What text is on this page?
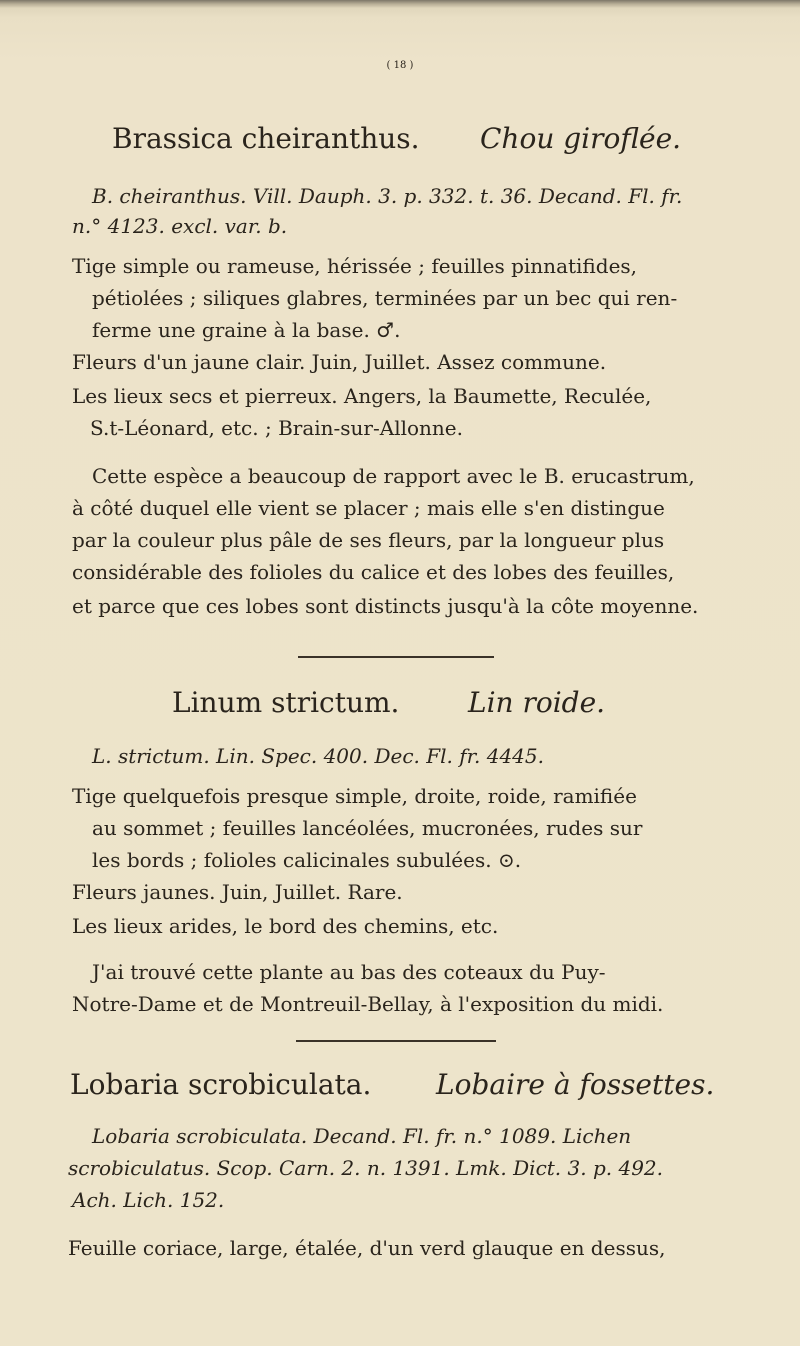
( 18 )
Brassica cheiranthus. Chou giroflée.
B. cheiranthus. Vill. Dauph. 3. p. 332. t. 36. Decand. Fl. fr.
n.° 4123. excl. var. b.
Tige simple ou rameuse, hérissée ; feuilles pinnatifides,
pétiolées ; siliques glabres, terminées par un bec qui ren-
ferme une graine à la base. ♂.
Fleurs d'un jaune clair. Juin, Juillet. Assez commune.
Les lieux secs et pierreux. Angers, la Baumette, Reculée,
S.t-Léonard, etc. ; Brain-sur-Allonne.
Cette espèce a beaucoup de rapport avec le B. erucastrum,
à côté duquel elle vient se placer ; mais elle s'en distingue
par la couleur plus pâle de ses fleurs, par la longueur plus
considérable des folioles du calice et des lobes des feuilles,
et parce que ces lobes sont distincts jusqu'à la côte moyenne.
Linum strictum. Lin roide.
L. strictum. Lin. Spec. 400. Dec. Fl. fr. 4445.
Tige quelquefois presque simple, droite, roide, ramifiée
au sommet ; feuilles lancéolées, mucronées, rudes sur
les bords ; folioles calicinales subulées. ⊙.
Fleurs jaunes. Juin, Juillet. Rare.
Les lieux arides, le bord des chemins, etc.
J'ai trouvé cette plante au bas des coteaux du Puy-
Notre-Dame et de Montreuil-Bellay, à l'exposition du midi.
Lobaria scrobiculata. Lobaire à fossettes.
Lobaria scrobiculata. Decand. Fl. fr. n.° 1089. Lichen
scrobiculatus. Scop. Carn. 2. n. 1391. Lmk. Dict. 3. p. 492.
Ach. Lich. 152.
Feuille coriace, large, étalée, d'un verd glauque en dessus,
